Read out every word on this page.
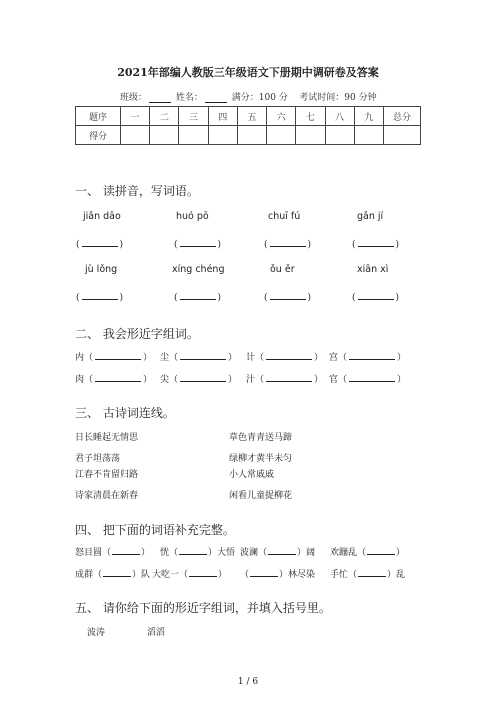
2021年部编人教版三年级语文下册期中调研卷及答案
班级：	姓名：	满分：100 分 考试时间：90 分钟
题序	一	二	三	四	五	六	七	八	九	总分
得分										
一、 读拼音，写词语。
jiǎn dāo	huó pō	chuī fú	gǎn jí
(	)	(	)	(	)	(	)
jù lǒng	xíng chéng	ǒu ěr	xiān xì
(	)	(	)	(	)	(	)
二、 我会形近字组词。
内（	） 尘（	） 计（	） 宫（	）
肉（	） 尖（	） 汁（	） 官（	）
三、 古诗词连线。
日长睡起无情思
君子坦荡荡
江春不肯留归路
诗家清晨在新春
草色青青送马蹄
绿柳才黄半未匀
小人常戚戚
闲看儿童捉柳花
四、 把下面的词语补充完整。
怒目圆（	） 恍（	）大悟 波澜（	）阔 欢蹦乱（	）
成群（	）队 大吃一（	） （	）林尽染 手忙（	）乱
五、 请你给下面的形近字组词，并填入括号里。
波涛	滔滔
1 / 6
